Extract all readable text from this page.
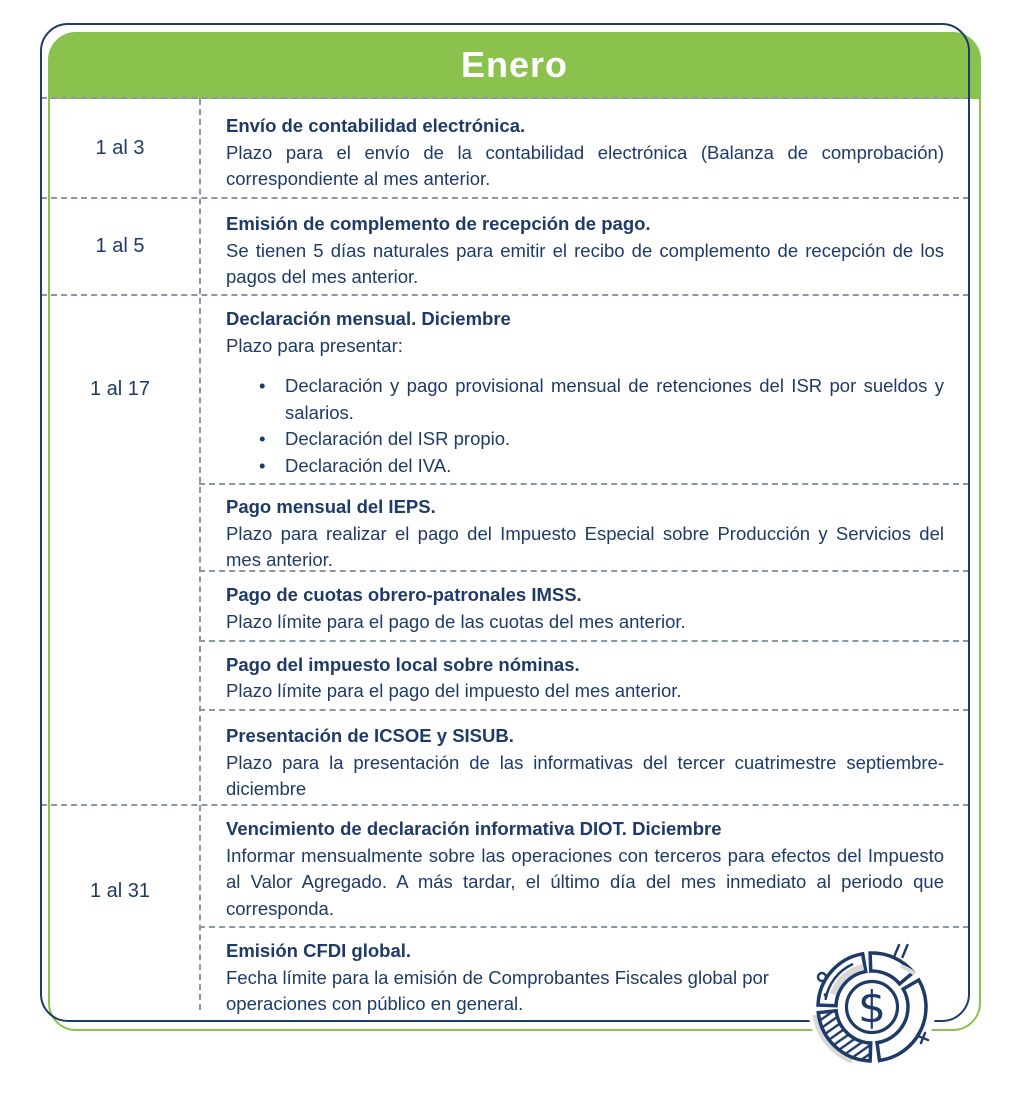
Enero
1 al 3
Envío de contabilidad electrónica.
Plazo para el envío de la contabilidad electrónica (Balanza de comprobación) correspondiente al mes anterior.
1 al 5
Emisión de complemento de recepción de pago.
Se tienen 5 días naturales para emitir el recibo de complemento de recepción de los pagos del mes anterior.
1 al 17
Declaración mensual. Diciembre
Plazo para presentar:
• Declaración y pago provisional mensual de retenciones del ISR por sueldos y salarios.
• Declaración del ISR propio.
• Declaración del IVA.
Pago mensual del IEPS.
Plazo para realizar el pago del Impuesto Especial sobre Producción y Servicios del mes anterior.
Pago de cuotas obrero-patronales IMSS.
Plazo límite para el pago de las cuotas del mes anterior.
Pago del impuesto local sobre nóminas.
Plazo límite para el pago del impuesto del mes anterior.
Presentación de ICSOE y SISUB.
Plazo para la presentación de las informativas del tercer cuatrimestre septiembre-diciembre
1 al 31
Vencimiento de declaración informativa DIOT. Diciembre
Informar mensualmente sobre las operaciones con terceros para efectos del Impuesto al Valor Agregado. A más tardar, el último día del mes inmediato al periodo que corresponda.
Emisión CFDI global.
Fecha límite para la emisión de Comprobantes Fiscales global por operaciones con público en general.	$
